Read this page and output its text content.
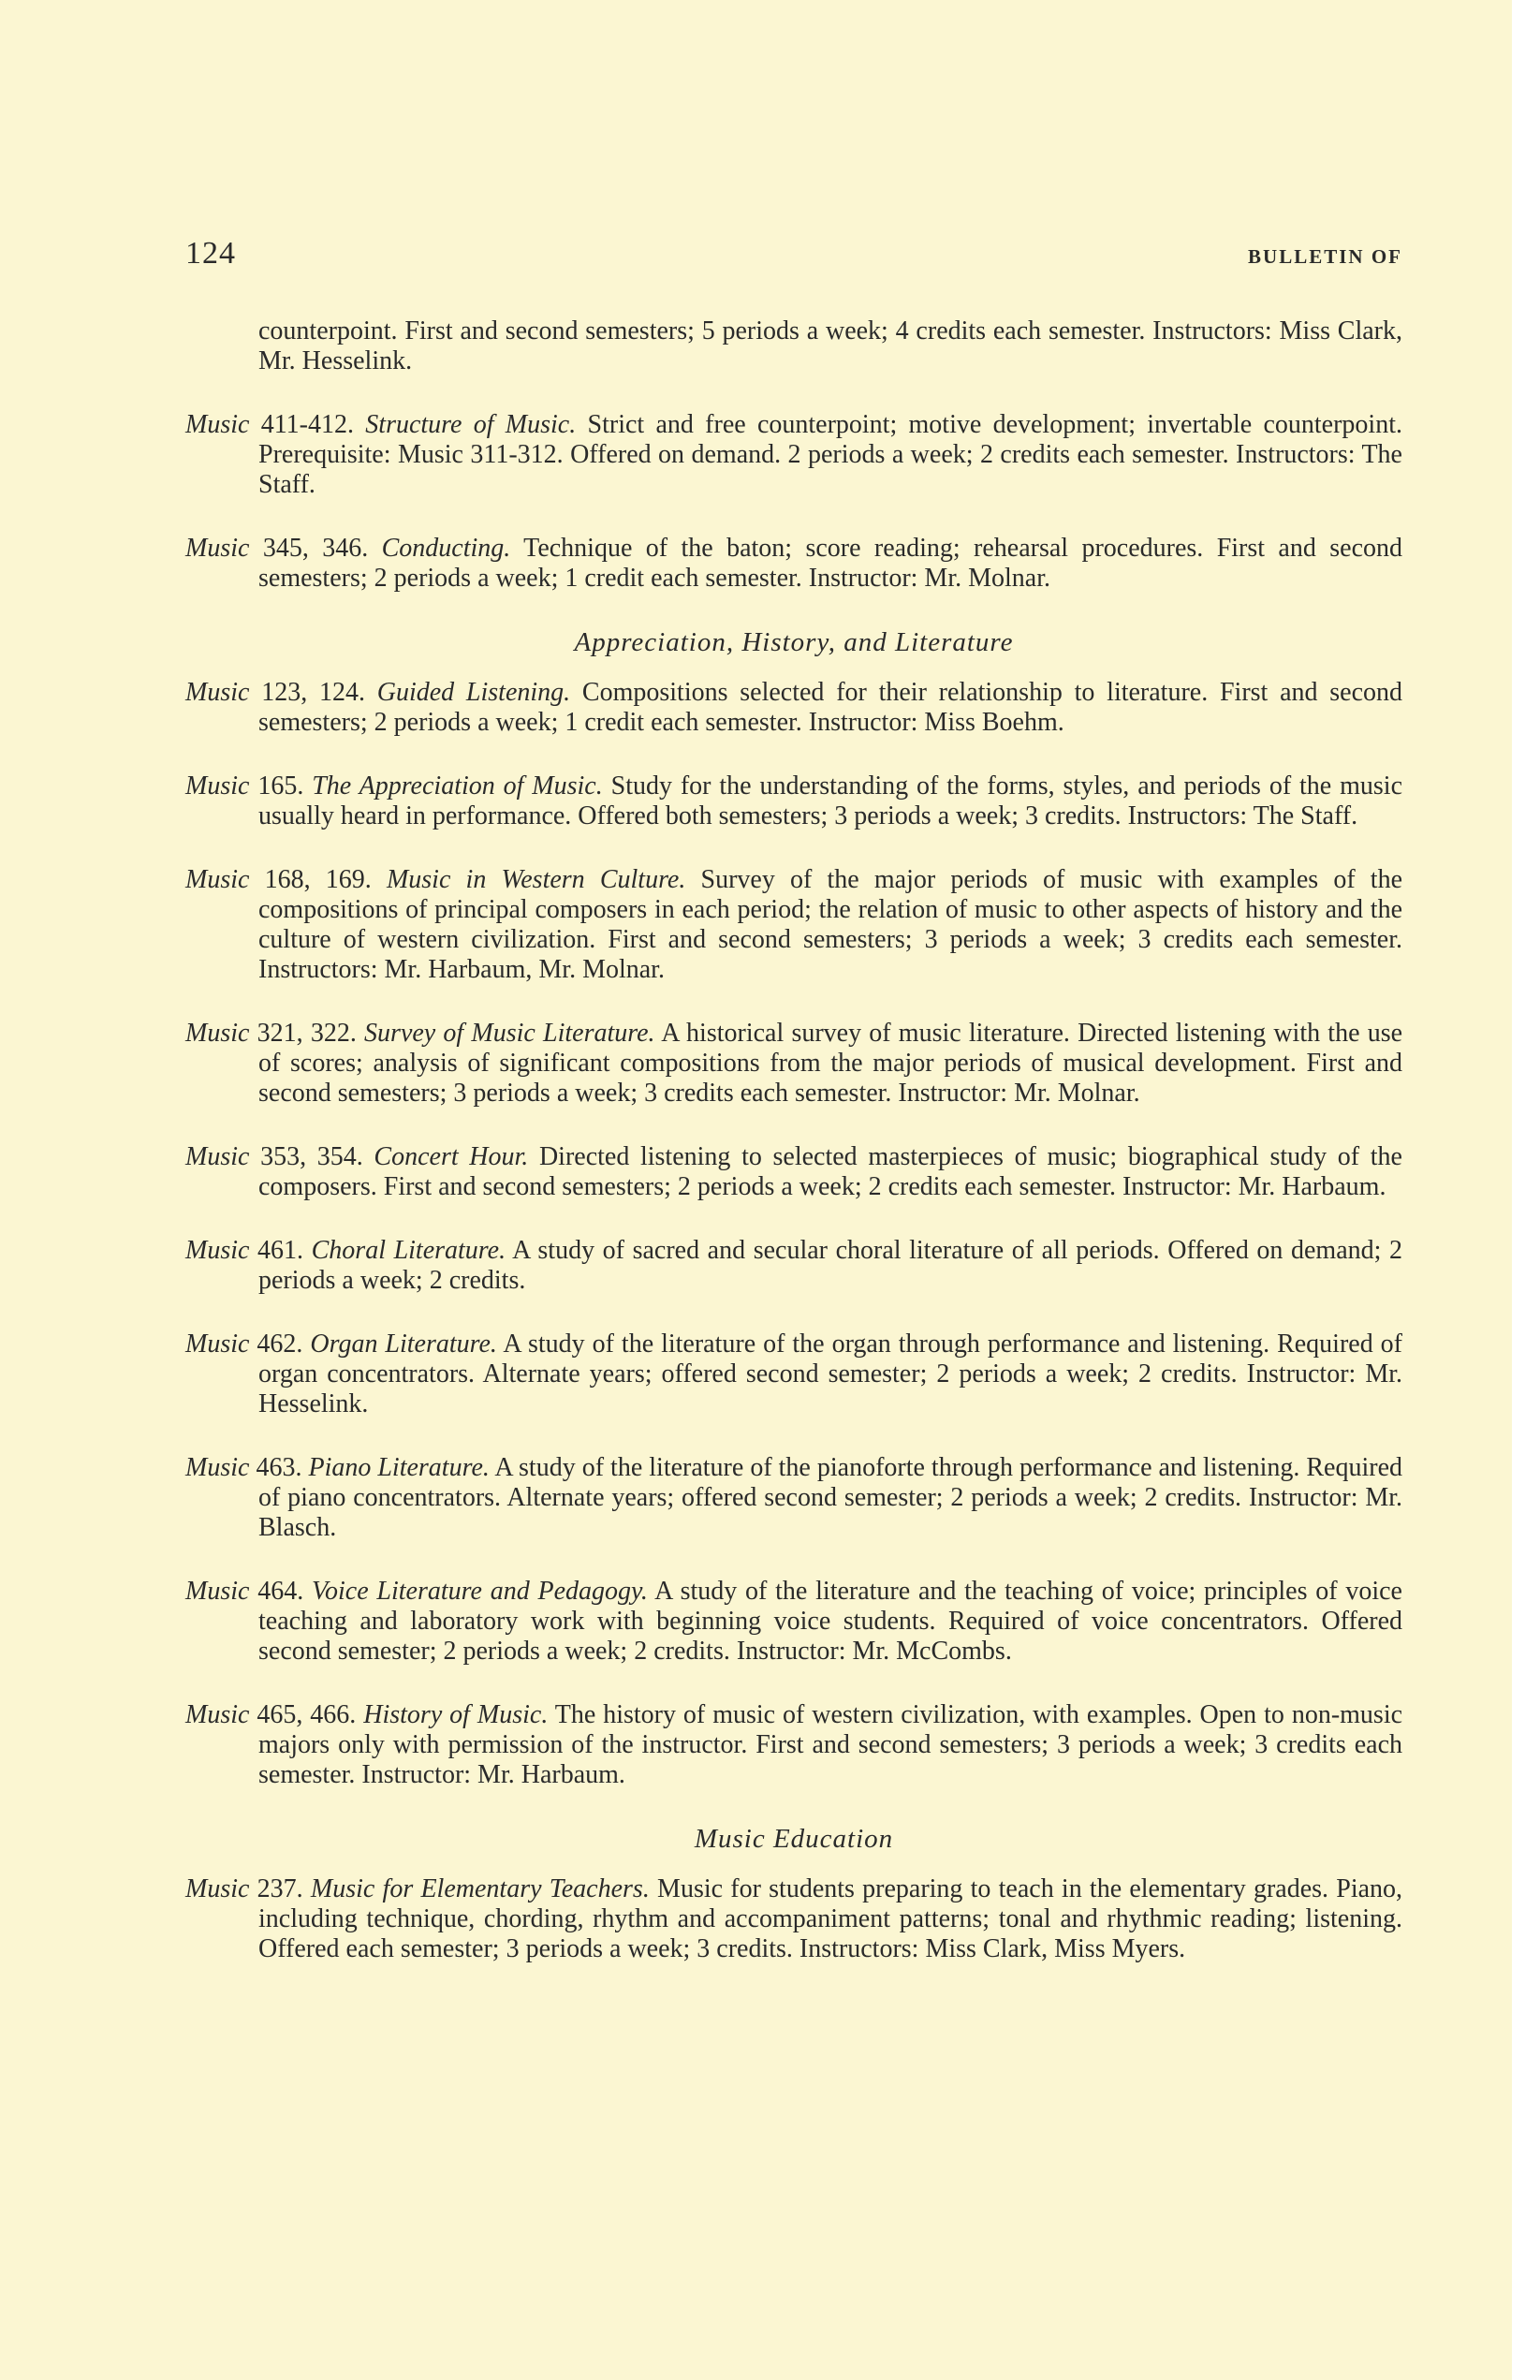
124	BULLETIN OF

counterpoint. First and second semesters; 5 periods a week; 4 credits each semester. Instructors: Miss Clark, Mr. Hesselink.

Music 411-412. Structure of Music. Strict and free counterpoint; motive development; invertable counterpoint. Prerequisite: Music 311-312. Offered on demand. 2 periods a week; 2 credits each semester. Instructors: The Staff.

Music 345, 346. Conducting. Technique of the baton; score reading; rehearsal procedures. First and second semesters; 2 periods a week; 1 credit each semester. Instructor: Mr. Molnar.

Appreciation, History, and Literature

Music 123, 124. Guided Listening. Compositions selected for their relationship to literature. First and second semesters; 2 periods a week; 1 credit each semester. Instructor: Miss Boehm.

Music 165. The Appreciation of Music. Study for the understanding of the forms, styles, and periods of the music usually heard in performance. Offered both semesters; 3 periods a week; 3 credits. Instructors: The Staff.

Music 168, 169. Music in Western Culture. Survey of the major periods of music with examples of the compositions of principal composers in each period; the relation of music to other aspects of history and the culture of western civilization. First and second semesters; 3 periods a week; 3 credits each semester. Instructors: Mr. Harbaum, Mr. Molnar.

Music 321, 322. Survey of Music Literature. A historical survey of music literature. Directed listening with the use of scores; analysis of significant compositions from the major periods of musical development. First and second semesters; 3 periods a week; 3 credits each semester. Instructor: Mr. Molnar.

Music 353, 354. Concert Hour. Directed listening to selected masterpieces of music; biographical study of the composers. First and second semesters; 2 periods a week; 2 credits each semester. Instructor: Mr. Harbaum.

Music 461. Choral Literature. A study of sacred and secular choral literature of all periods. Offered on demand; 2 periods a week; 2 credits.

Music 462. Organ Literature. A study of the literature of the organ through performance and listening. Required of organ concentrators. Alternate years; offered second semester; 2 periods a week; 2 credits. Instructor: Mr. Hesselink.

Music 463. Piano Literature. A study of the literature of the pianoforte through performance and listening. Required of piano concentrators. Alternate years; offered second semester; 2 periods a week; 2 credits. Instructor: Mr. Blasch.

Music 464. Voice Literature and Pedagogy. A study of the literature and the teaching of voice; principles of voice teaching and laboratory work with beginning voice students. Required of voice concentrators. Offered second semester; 2 periods a week; 2 credits. Instructor: Mr. McCombs.

Music 465, 466. History of Music. The history of music of western civilization, with examples. Open to non-music majors only with permission of the instructor. First and second semesters; 3 periods a week; 3 credits each semester. Instructor: Mr. Harbaum.

Music Education

Music 237. Music for Elementary Teachers. Music for students preparing to teach in the elementary grades. Piano, including technique, chording, rhythm and accompaniment patterns; tonal and rhythmic reading; listening. Offered each semester; 3 periods a week; 3 credits. Instructors: Miss Clark, Miss Myers.
